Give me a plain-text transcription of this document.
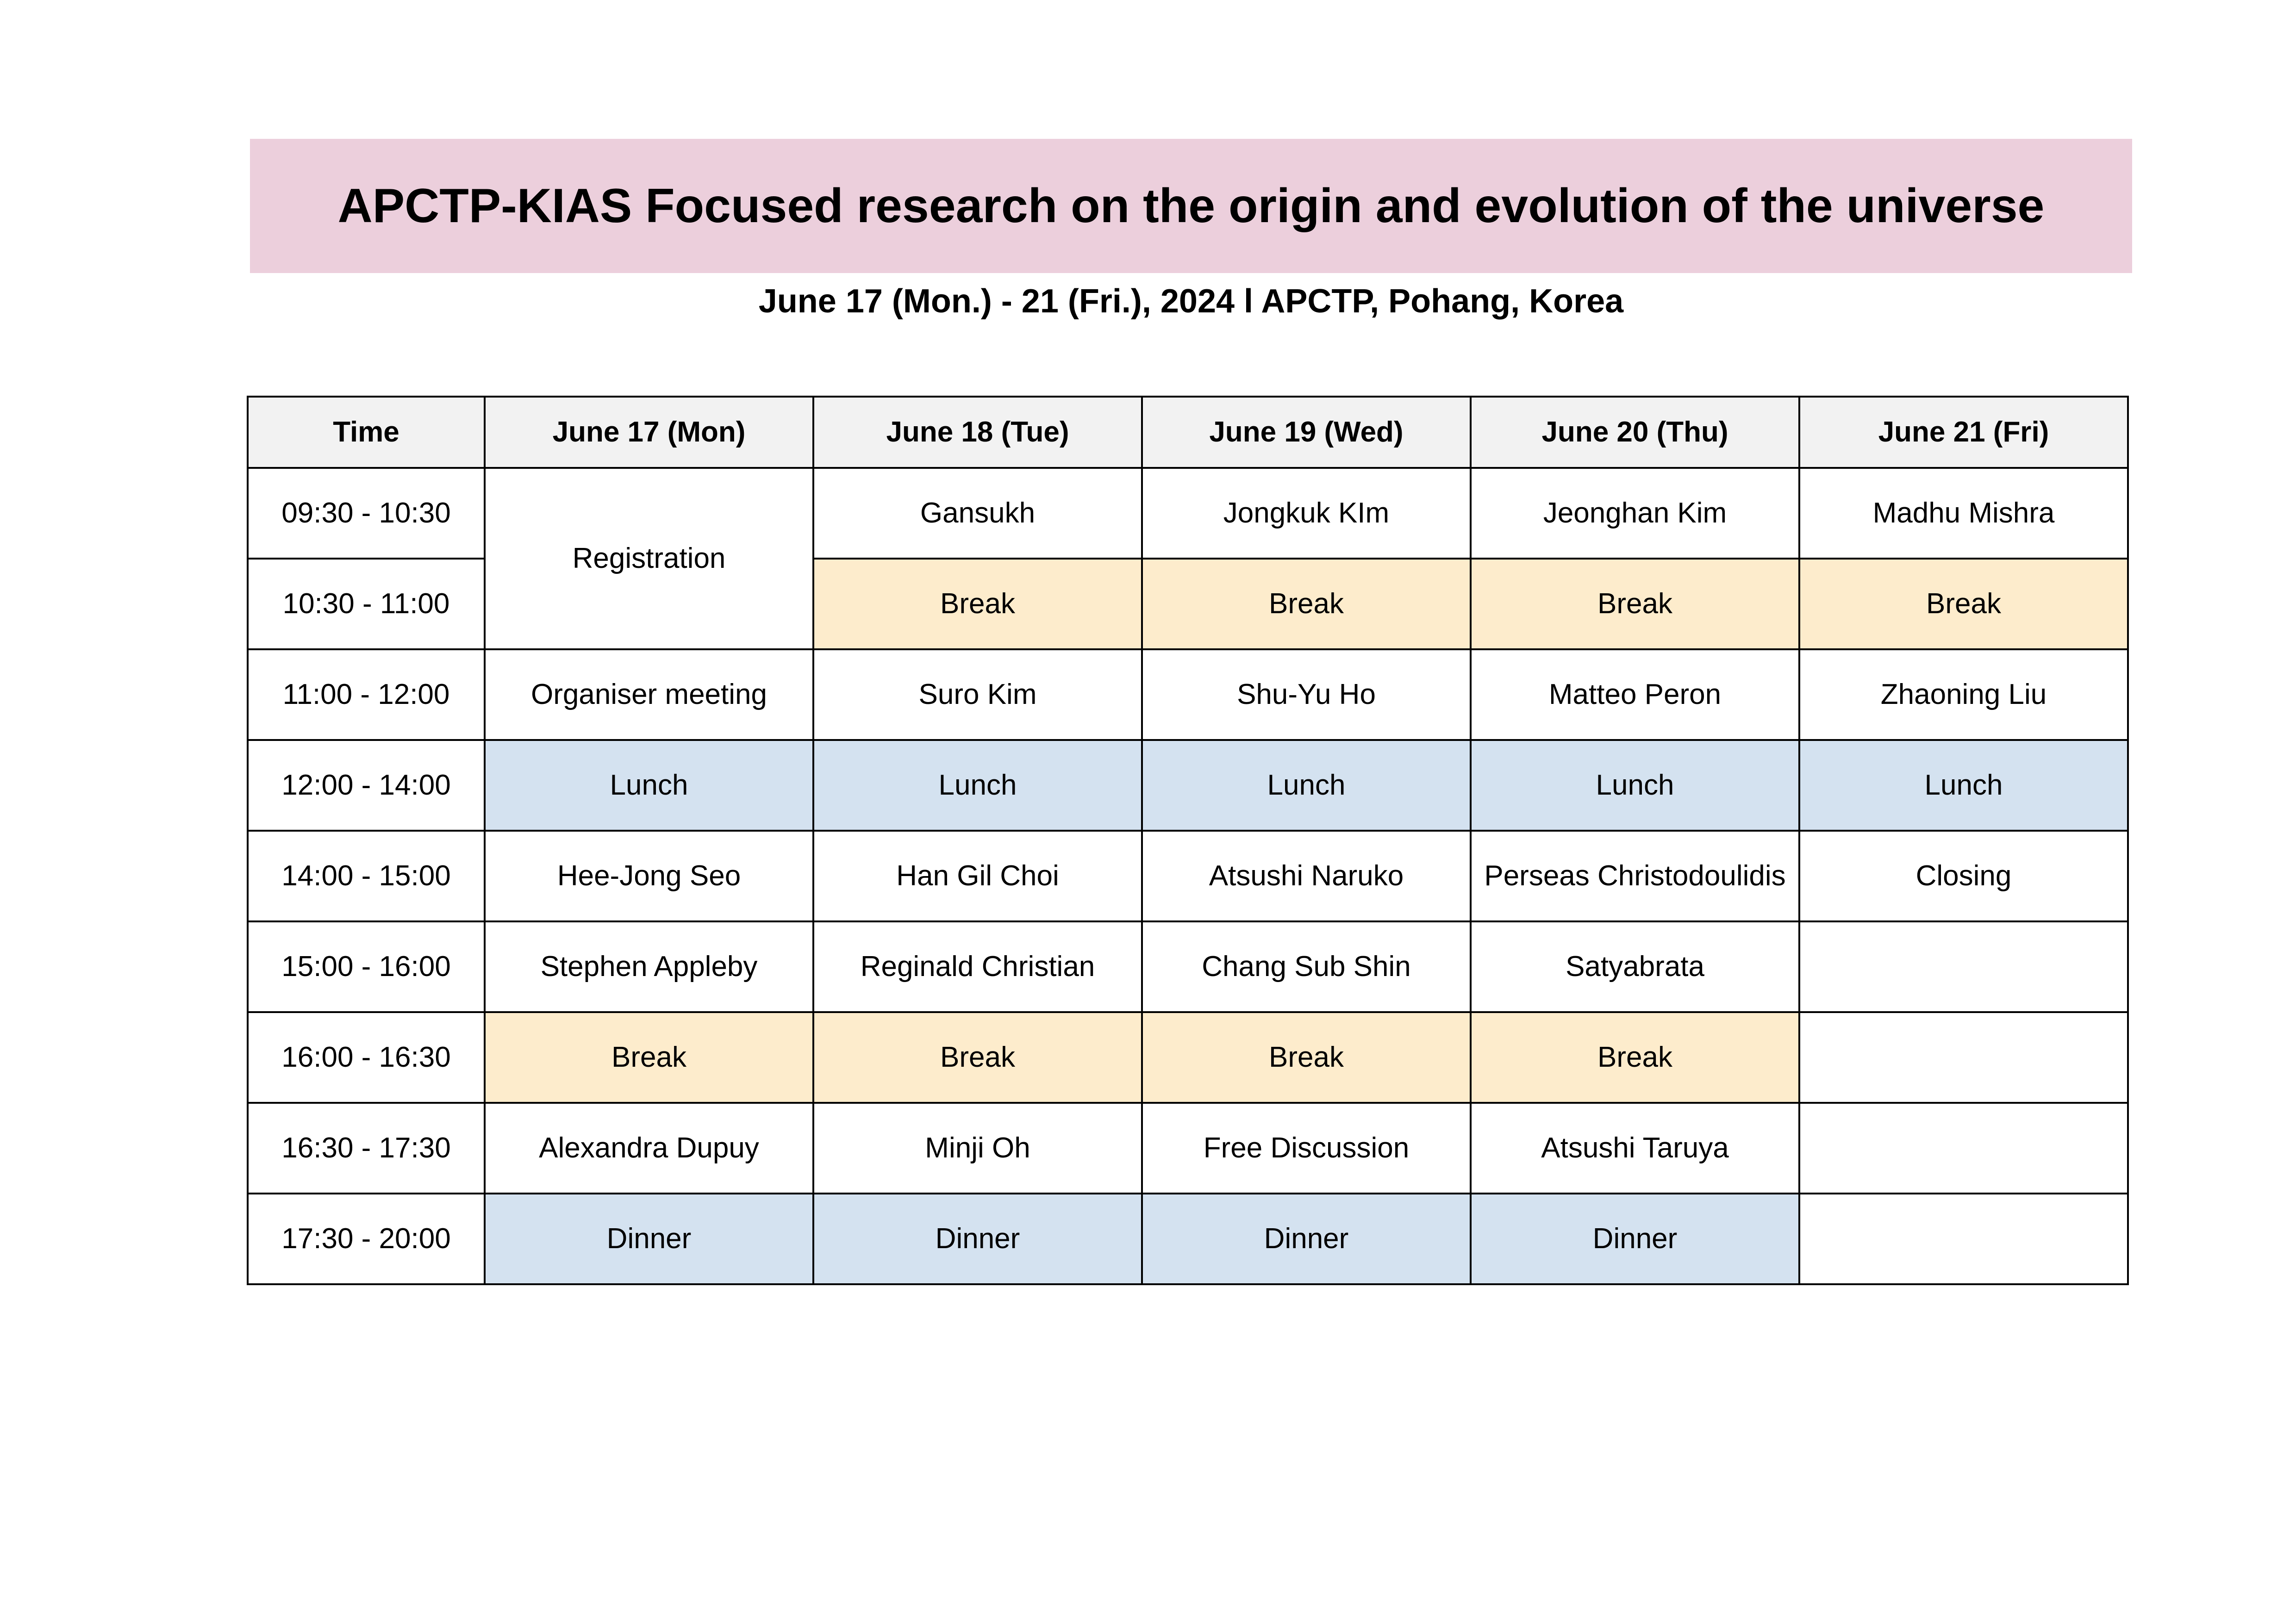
APCTP-KIAS Focused research on the origin and evolution of the universe
June 17 (Mon.) - 21 (Fri.), 2024 l APCTP, Pohang, Korea
Time	June 17 (Mon)	June 18 (Tue)	June 19 (Wed)	June 20 (Thu)	June 21 (Fri)
09:30 - 10:30	Registration	Gansukh	Jongkuk KIm	Jeonghan Kim	Madhu Mishra
10:30 - 11:00		Break	Break	Break	Break
11:00 - 12:00	Organiser meeting	Suro Kim	Shu-Yu Ho	Matteo Peron	Zhaoning Liu
12:00 - 14:00	Lunch	Lunch	Lunch	Lunch	Lunch
14:00 - 15:00	Hee-Jong Seo	Han Gil Choi	Atsushi Naruko	Perseas Christodoulidis	Closing
15:00 - 16:00	Stephen Appleby	Reginald Christian	Chang Sub Shin	Satyabrata	
16:00 - 16:30	Break	Break	Break	Break	
16:30 - 17:30	Alexandra Dupuy	Minji Oh	Free Discussion	Atsushi Taruya	
17:30 - 20:00	Dinner	Dinner	Dinner	Dinner	
